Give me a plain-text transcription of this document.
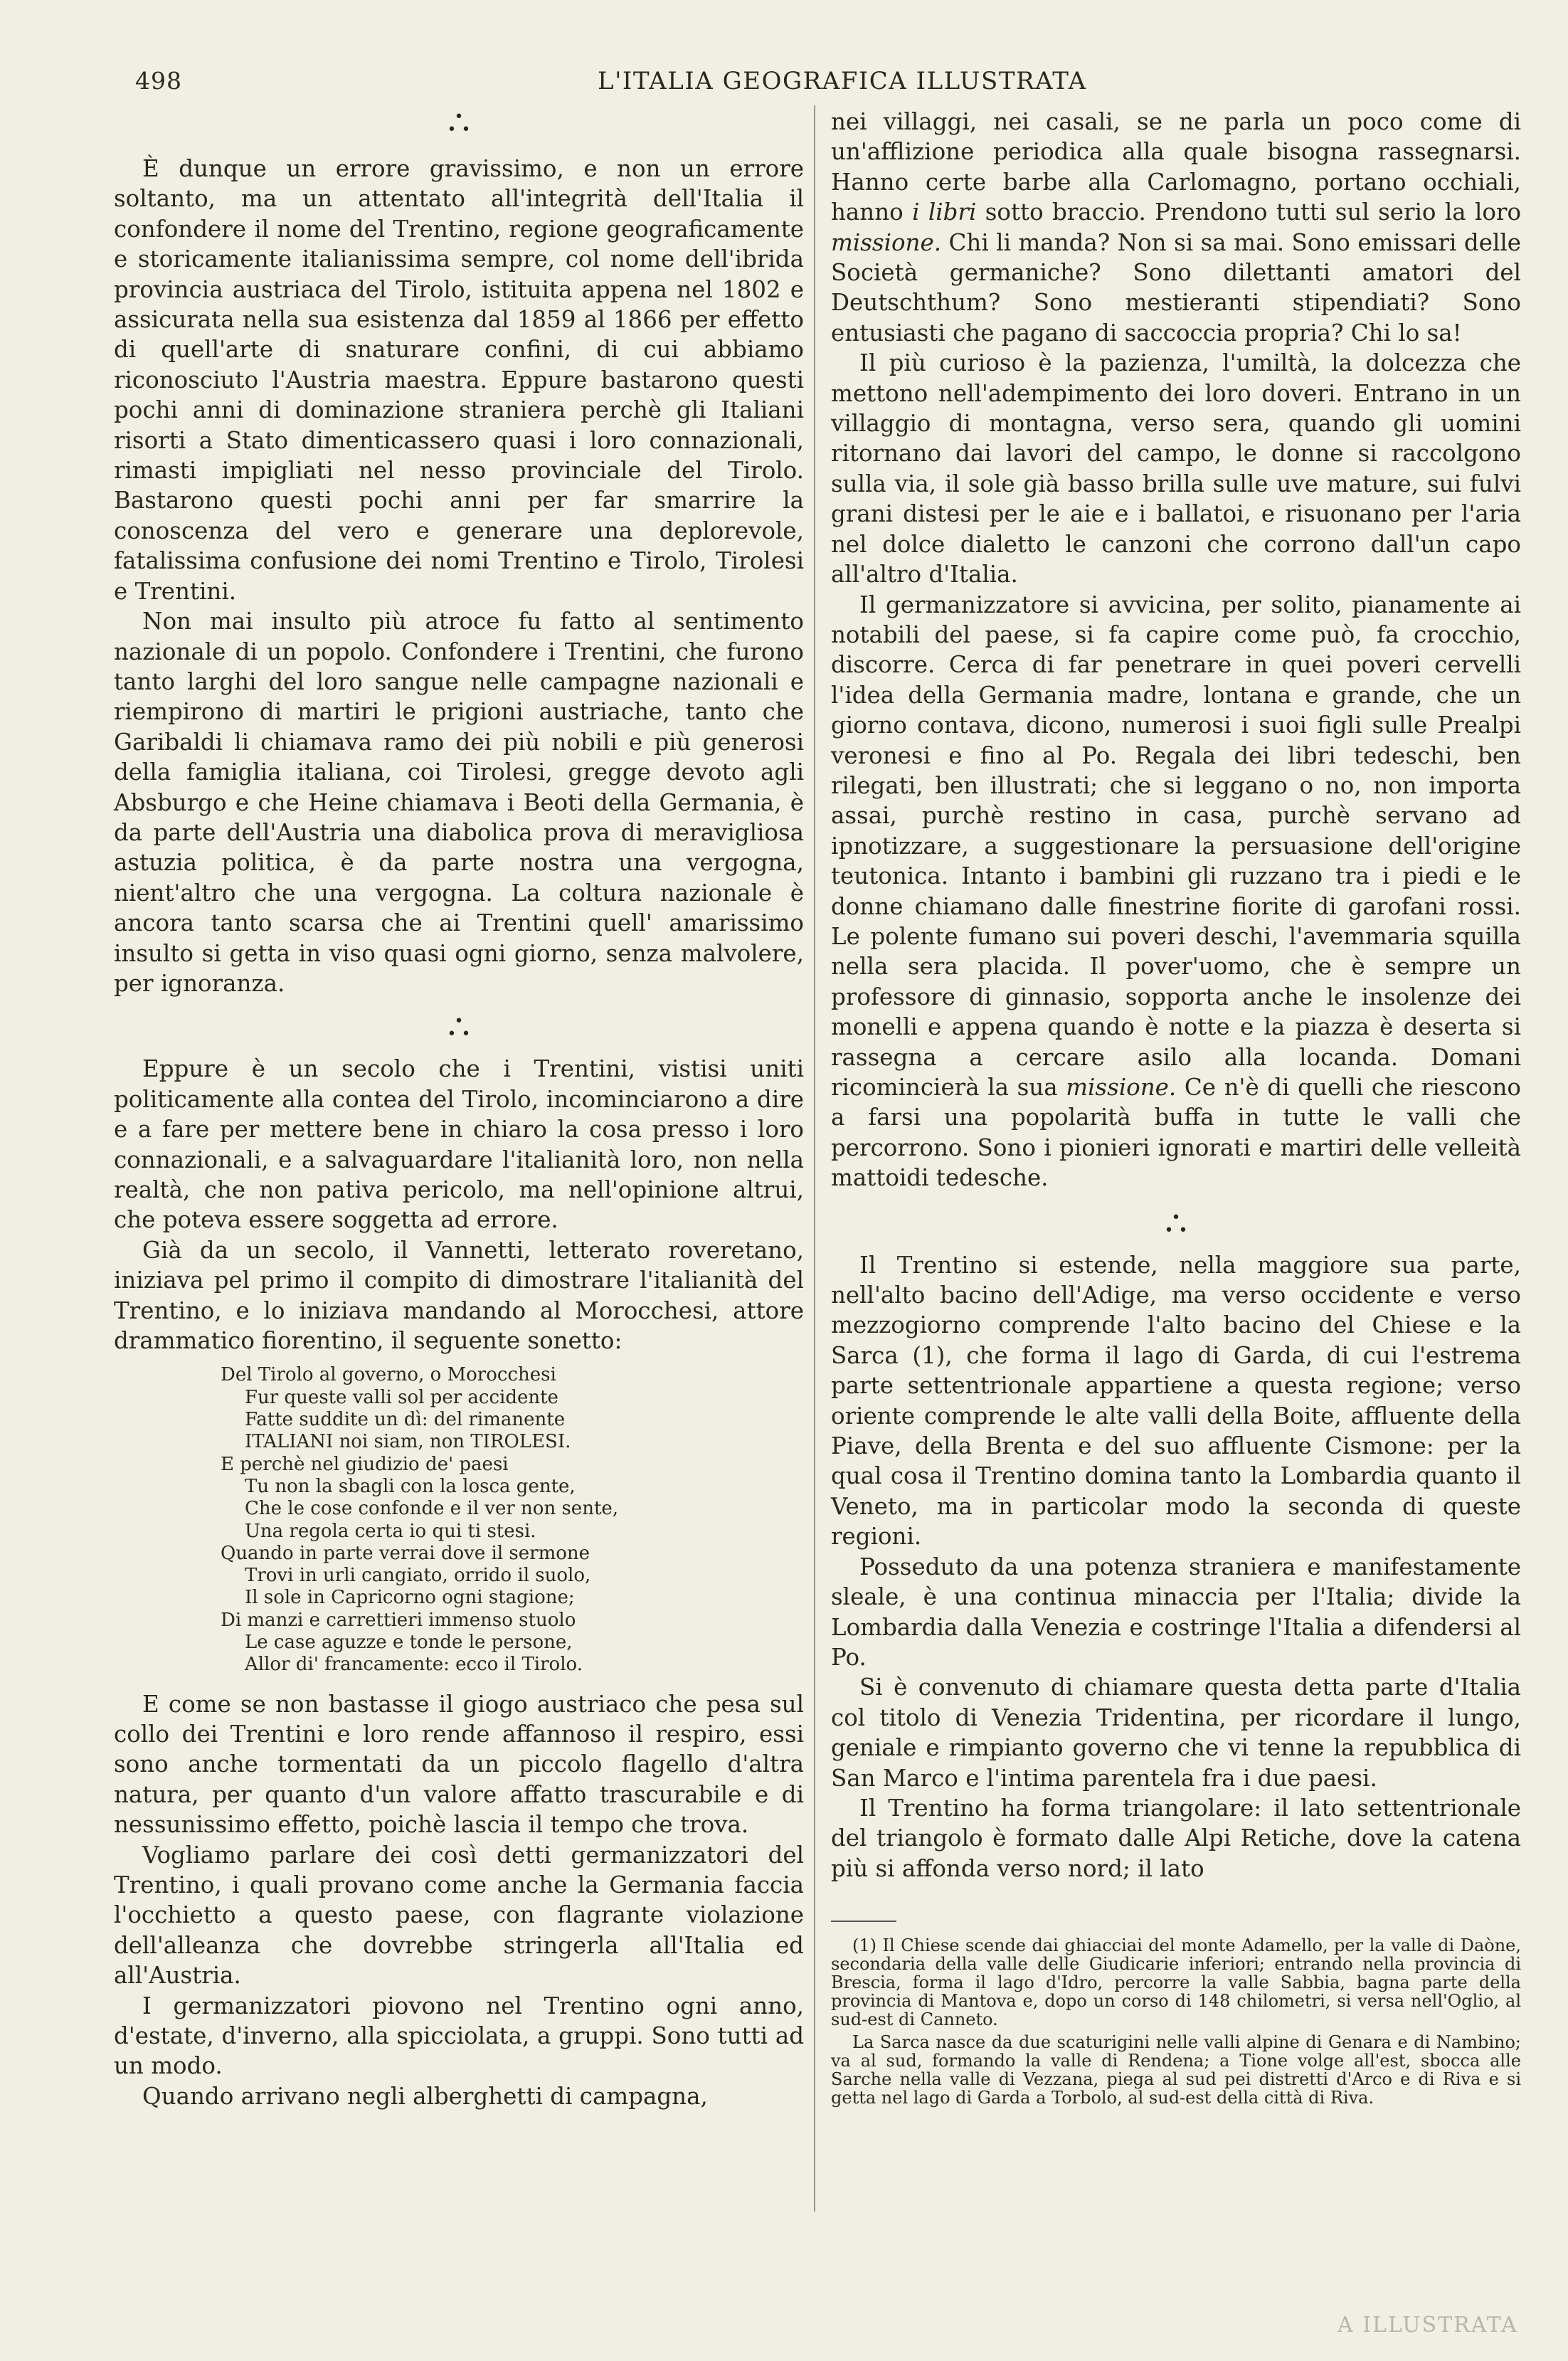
498	L'ITALIA GEOGRAFICA ILLUSTRATA
•
• •

È dunque un errore gravissimo, e non un errore soltanto, ma un attentato all'integrità dell'Italia il confondere il nome del Trentino, regione geograficamente e storicamente italianissima sempre, col nome dell'ibrida provincia austriaca del Tirolo, istituita appena nel 1802 e assicurata nella sua esistenza dal 1859 al 1866 per effetto di quell'arte di snaturare confini, di cui abbiamo riconosciuto l'Austria maestra. Eppure bastarono questi pochi anni di dominazione straniera perchè gli Italiani risorti a Stato dimenticassero quasi i loro connazionali, rimasti impigliati nel nesso provinciale del Tirolo. Bastarono questi pochi anni per far smarrire la conoscenza del vero e generare una deplorevole, fatalissima confusione dei nomi Trentino e Tirolo, Tirolesi e Trentini.

Non mai insulto più atroce fu fatto al sentimento nazionale di un popolo. Confondere i Trentini, che furono tanto larghi del loro sangue nelle campagne nazionali e riempirono di martiri le prigioni austriache, tanto che Garibaldi li chiamava ramo dei più nobili e più generosi della famiglia italiana, coi Tirolesi, gregge devoto agli Absburgo e che Heine chiamava i Beoti della Germania, è da parte dell'Austria una diabolica prova di meravigliosa astuzia politica, è da parte nostra una vergogna, nient'altro che una vergogna. La coltura nazionale è ancora tanto scarsa che ai Trentini quell' amarissimo insulto si getta in viso quasi ogni giorno, senza malvolere, per ignoranza.

•
• •

Eppure è un secolo che i Trentini, vistisi uniti politicamente alla contea del Tirolo, incominciarono a dire e a fare per mettere bene in chiaro la cosa presso i loro connazionali, e a salvaguardare l'italianità loro, non nella realtà, che non pativa pericolo, ma nell'opinione altrui, che poteva essere soggetta ad errore.

Già da un secolo, il Vannetti, letterato roveretano, iniziava pel primo il compito di dimostrare l'italianità del Trentino, e lo iniziava mandando al Morocchesi, attore drammatico fiorentino, il seguente sonetto:

Del Tirolo al governo, o Morocchesi
Fur queste valli sol per accidente
Fatte suddite un dì: del rimanente
ITALIANI noi siam, non TIROLESI.
E perchè nel giudizio de' paesi
Tu non la sbagli con la losca gente,
Che le cose confonde e il ver non sente,
Una regola certa io qui ti stesi.
Quando in parte verrai dove il sermone
Trovi in urli cangiato, orrido il suolo,
Il sole in Capricorno ogni stagione;
Di manzi e carrettieri immenso stuolo
Le case aguzze e tonde le persone,
Allor di' francamente: ecco il Tirolo.

E come se non bastasse il giogo austriaco che pesa sul collo dei Trentini e loro rende affannoso il respiro, essi sono anche tormentati da un piccolo flagello d'altra natura, per quanto d'un valore affatto trascurabile e di nessunissimo effetto, poichè lascia il tempo che trova.

Vogliamo parlare dei così detti germanizzatori del Trentino, i quali provano come anche la Germania faccia l'occhietto a questo paese, con flagrante violazione dell'alleanza che dovrebbe stringerla all'Italia ed all'Austria.

I germanizzatori piovono nel Trentino ogni anno, d'estate, d'inverno, alla spicciolata, a gruppi. Sono tutti ad un modo.

Quando arrivano negli alberghetti di campagna,

nei villaggi, nei casali, se ne parla un poco come di un'afflizione periodica alla quale bisogna rassegnarsi. Hanno certe barbe alla Carlomagno, portano occhiali, hanno i libri sotto braccio. Prendono tutti sul serio la loro missione. Chi li manda? Non si sa mai. Sono emissari delle Società germaniche? Sono dilettanti amatori del Deutschthum? Sono mestieranti stipendiati? Sono entusiasti che pagano di saccoccia propria? Chi lo sa!

Il più curioso è la pazienza, l'umiltà, la dolcezza che mettono nell'adempimento dei loro doveri. Entrano in un villaggio di montagna, verso sera, quando gli uomini ritornano dai lavori del campo, le donne si raccolgono sulla via, il sole già basso brilla sulle uve mature, sui fulvi grani distesi per le aie e i ballatoi, e risuonano per l'aria nel dolce dialetto le canzoni che corrono dall'un capo all'altro d'Italia.

Il germanizzatore si avvicina, per solito, pianamente ai notabili del paese, si fa capire come può, fa crocchio, discorre. Cerca di far penetrare in quei poveri cervelli l'idea della Germania madre, lontana e grande, che un giorno contava, dicono, numerosi i suoi figli sulle Prealpi veronesi e fino al Po. Regala dei libri tedeschi, ben rilegati, ben illustrati; che si leggano o no, non importa assai, purchè restino in casa, purchè servano ad ipnotizzare, a suggestionare la persuasione dell'origine teutonica. Intanto i bambini gli ruzzano tra i piedi e le donne chiamano dalle finestrine fiorite di garofani rossi. Le polente fumano sui poveri deschi, l'avemmaria squilla nella sera placida. Il pover'uomo, che è sempre un professore di ginnasio, sopporta anche le insolenze dei monelli e appena quando è notte e la piazza è deserta si rassegna a cercare asilo alla locanda. Domani ricomincierà la sua missione. Ce n'è di quelli che riescono a farsi una popolarità buffa in tutte le valli che percorrono. Sono i pionieri ignorati e martiri delle velleità mattoidi tedesche.

•
• •

Il Trentino si estende, nella maggiore sua parte, nell'alto bacino dell'Adige, ma verso occidente e verso mezzogiorno comprende l'alto bacino del Chiese e la Sarca (1), che forma il lago di Garda, di cui l'estrema parte settentrionale appartiene a questa regione; verso oriente comprende le alte valli della Boite, affluente della Piave, della Brenta e del suo affluente Cismone: per la qual cosa il Trentino domina tanto la Lombardia quanto il Veneto, ma in particolar modo la seconda di queste regioni.

Posseduto da una potenza straniera e manifestamente sleale, è una continua minaccia per l'Italia; divide la Lombardia dalla Venezia e costringe l'Italia a difendersi al Po.

Si è convenuto di chiamare questa detta parte d'Italia col titolo di Venezia Tridentina, per ricordare il lungo, geniale e rimpianto governo che vi tenne la repubblica di San Marco e l'intima parentela fra i due paesi.

Il Trentino ha forma triangolare: il lato settentrionale del triangolo è formato dalle Alpi Retiche, dove la catena più si affonda verso nord; il lato

(1) Il Chiese scende dai ghiacciai del monte Adamello, per la valle di Daòne, secondaria della valle delle Giudicarie inferiori; entrando nella provincia di Brescia, forma il lago d'Idro, percorre la valle Sabbia, bagna parte della provincia di Mantova e, dopo un corso di 148 chilometri, si versa nell'Oglio, al sud-est di Canneto.

La Sarca nasce da due scaturigini nelle valli alpine di Genara e di Nambino; va al sud, formando la valle di Rendena; a Tione volge all'est, sbocca alle Sarche nella valle di Vezzana, piega al sud pei distretti d'Arco e di Riva e si getta nel lago di Garda a Torbolo, al sud-est della città di Riva.

A ILLUSTRATA
